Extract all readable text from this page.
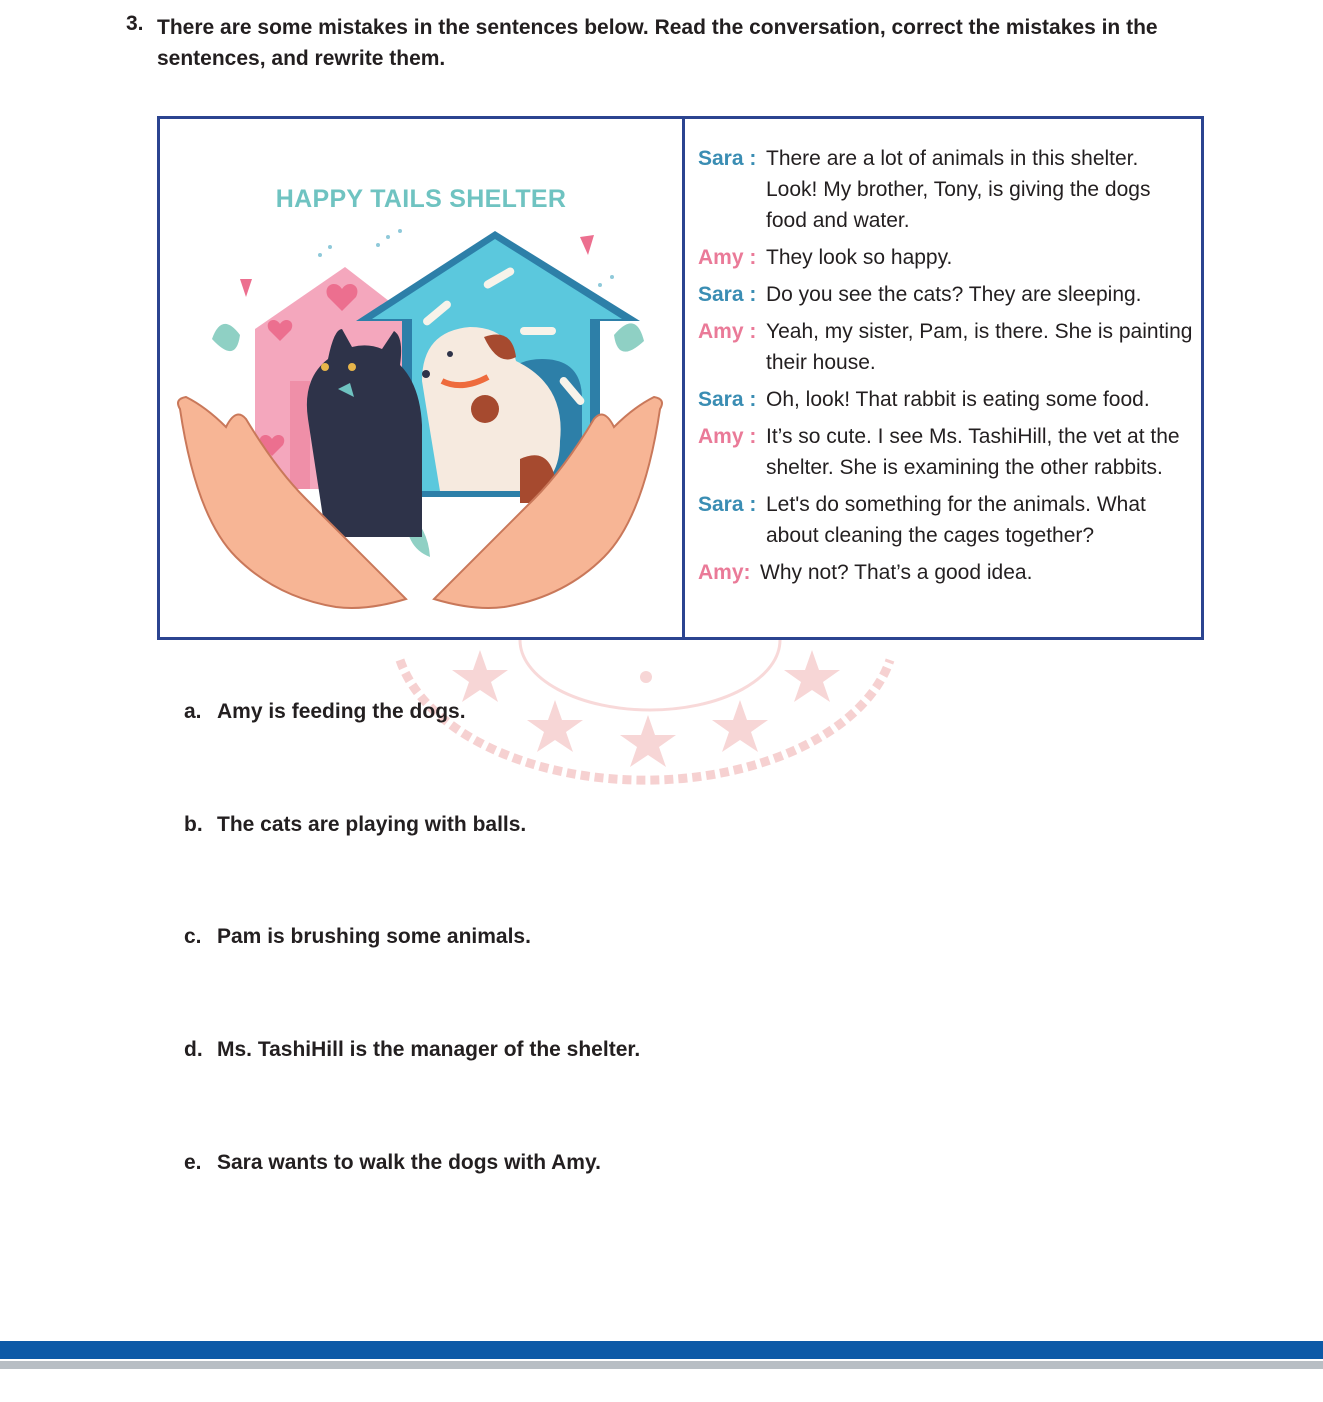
3. There are some mistakes in the sentences below. Read the conversation, correct the mistakes in the sentences, and rewrite them.
HAPPY TAILS SHELTER
Sara : There are a lot of animals in this shelter. Look! My brother, Tony, is giving the dogs food and water.
Amy : They look so happy.
Sara : Do you see the cats? They are sleeping.
Amy : Yeah, my sister, Pam, is there. She is painting their house.
Sara : Oh, look! That rabbit is eating some food.
Amy : It’s so cute. I see Ms. TashiHill, the vet at the shelter. She is examining the other rabbits.
Sara : Let's do something for the animals. What about cleaning the cages together?
Amy: Why not? That’s a good idea.
a. Amy is feeding the dogs.
b. The cats are playing with balls.
c. Pam is brushing some animals.
d. Ms. TashiHill is the manager of the shelter.
e. Sara wants to walk the dogs with Amy.
